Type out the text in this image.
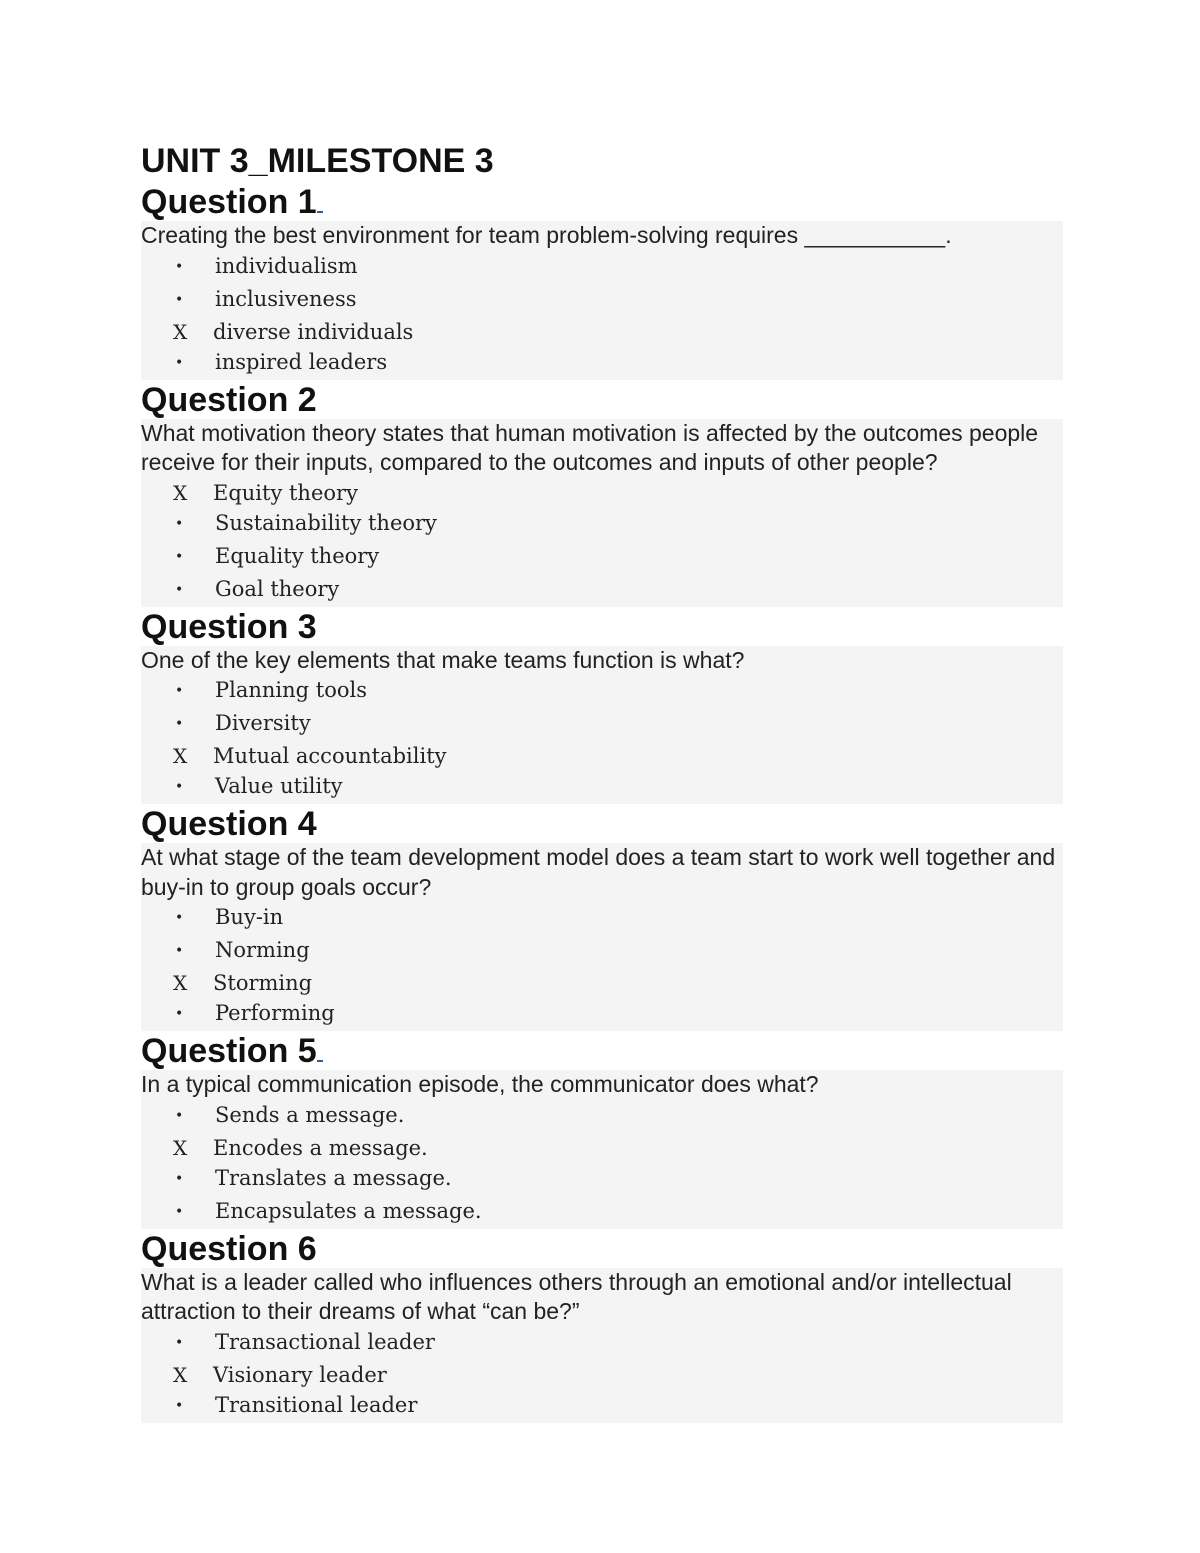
UNIT 3_MILESTONE 3
Question 1

Creating the best environment for team problem-solving requires ___________.

•	individualism
•	inclusiveness
X	diverse individuals
•	inspired leaders
Question 2

What motivation theory states that human motivation is affected by the outcomes people receive for their inputs, compared to the outcomes and inputs of other people?

X	Equity theory
•	Sustainability theory
•	Equality theory
•	Goal theory
Question 3

One of the key elements that make teams function is what?

•	Planning tools
•	Diversity
X	Mutual accountability
•	Value utility
Question 4

At what stage of the team development model does a team start to work well together and buy-in to group goals occur?

•	Buy-in
•	Norming
X	Storming
•	Performing
Question 5

In a typical communication episode, the communicator does what?

•	Sends a message.
X	Encodes a message.
•	Translates a message.
•	Encapsulates a message.
Question 6

What is a leader called who influences others through an emotional and/or intellectual attraction to their dreams of what “can be?”

•	Transactional leader
X	Visionary leader
•	Transitional leader
